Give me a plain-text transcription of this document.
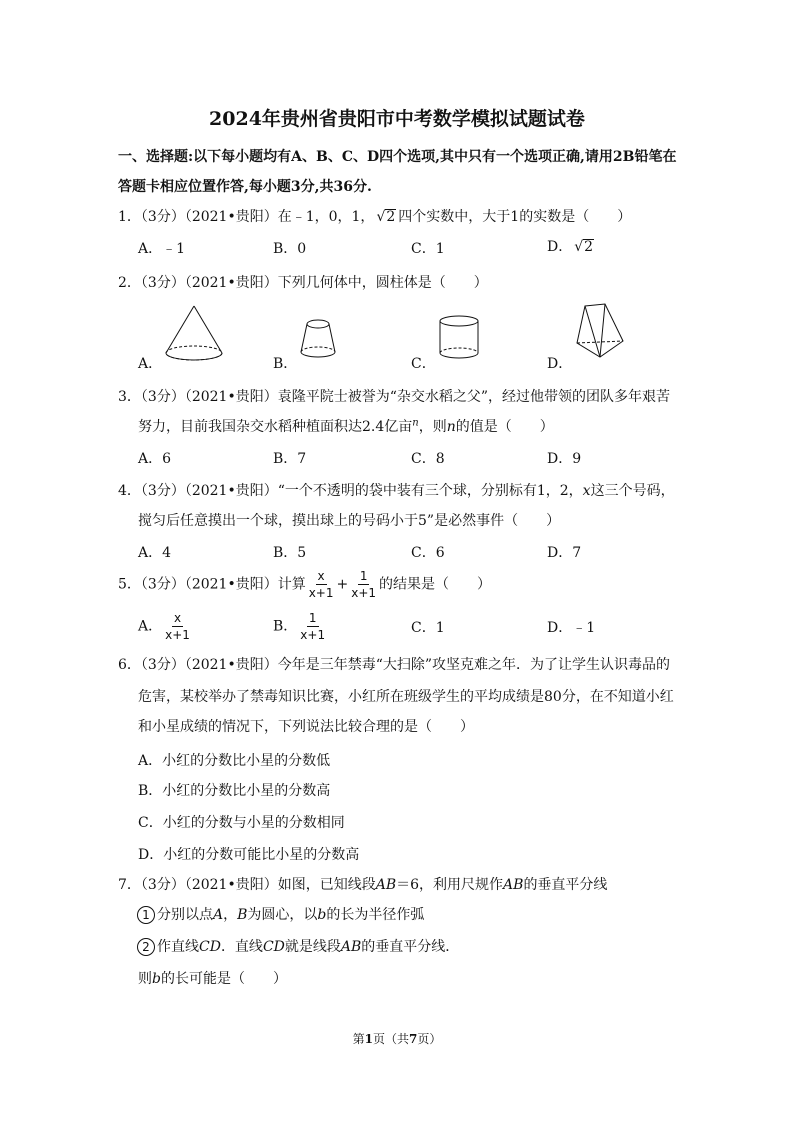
2024年贵州省贵阳市中考数学模拟试题试卷
一、选择题:以下每小题均有A、B、C、D四个选项,其中只有一个选项正确,请用2B铅笔在
答题卡相应位置作答,每小题3分,共36分.
1．（3分）（2021•贵阳）在﹣1，0，1， √ 2 四个实数中，大于1的实数是（　　）
A．﹣1	B．0	C．1	D． √ 2
2．（3分）（2021•贵阳）下列几何体中，圆柱体是（　　）
A．	B．	C．	D．
3．（3分）（2021•贵阳）袁隆平院士被誉为“杂交水稻之父”，经过他带领的团队多年艰苦
努力，目前我国杂交水稻种植面积达2.4亿亩$^n$，则n的值是（　　）
A．6	B．7	C．8	D．9
4．（3分）（2021•贵阳）“一个不透明的袋中装有三个球，分别标有1，2，x这三个号码，
搅匀后任意摸出一个球，摸出球上的号码小于5”是必然事件（　　）
A．4	B．5	C．6	D．7
5．（3分）（2021•贵阳）计算 $\frac{x}{x+1} + \frac{1}{x+1}$ 的结果是（　　）
A． $\frac{x}{x+1}$	B． $\frac{1}{x+1}$	C．1	D．﹣1
6．（3分）（2021•贵阳）今年是三年禁毒“大扫除”攻坚克难之年．为了让学生认识毒品的
危害，某校举办了禁毒知识比赛，小红所在班级学生的平均成绩是80分，在不知道小红
和小星成绩的情况下，下列说法比较合理的是（　　）
A．小红的分数比小星的分数低
B．小红的分数比小星的分数高
C．小红的分数与小星的分数相同
D．小红的分数可能比小星的分数高
7．（3分）（2021•贵阳）如图，已知线段AB＝6，利用尺规作AB的垂直平分线
1 分别以点A，B为圆心，以b的长为半径作弧
2 作直线CD．直线CD就是线段AB的垂直平分线．
则b的长可能是（　　）
第1页（共7页）
